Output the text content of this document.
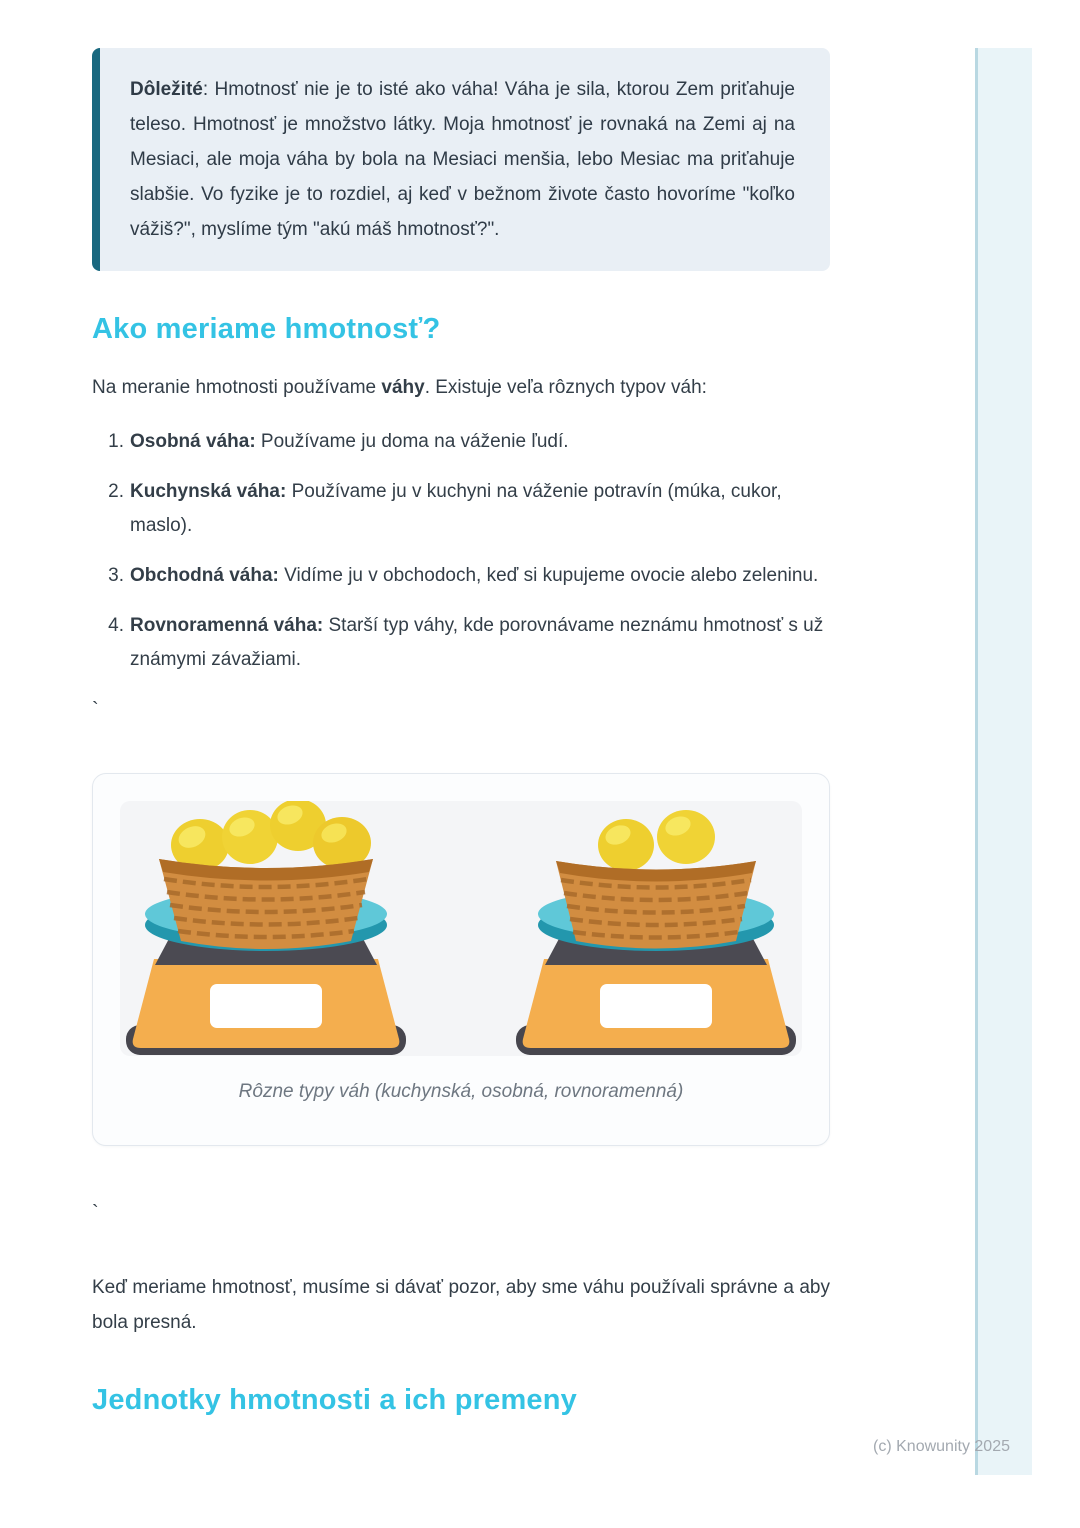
Dôležité: Hmotnosť nie je to isté ako váha! Váha je sila, ktorou Zem priťahuje teleso. Hmotnosť je množstvo látky. Moja hmotnosť je rovnaká na Zemi aj na Mesiaci, ale moja váha by bola na Mesiaci menšia, lebo Mesiac ma priťahuje slabšie. Vo fyzike je to rozdiel, aj keď v bežnom živote často hovoríme "koľko vážiš?", myslíme tým "akú máš hmotnosť?".

Ako meriame hmotnosť?

Na meranie hmotnosti používame váhy. Existuje veľa rôznych typov váh:

1. Osobná váha: Používame ju doma na váženie ľudí.
2. Kuchynská váha: Používame ju v kuchyni na váženie potravín (múka, cukor, maslo).
3. Obchodná váha: Vidíme ju v obchodoch, keď si kupujeme ovocie alebo zeleninu.
4. Rovnoramenná váha: Starší typ váhy, kde porovnávame neznámu hmotnosť s už známymi závažiami.
`
Rôzne typy váh (kuchynská, osobná, rovnoramenná)
`

Keď meriame hmotnosť, musíme si dávať pozor, aby sme váhu používali správne a aby bola presná.

Jednotky hmotnosti a ich premeny
(c) Knowunity 2025
